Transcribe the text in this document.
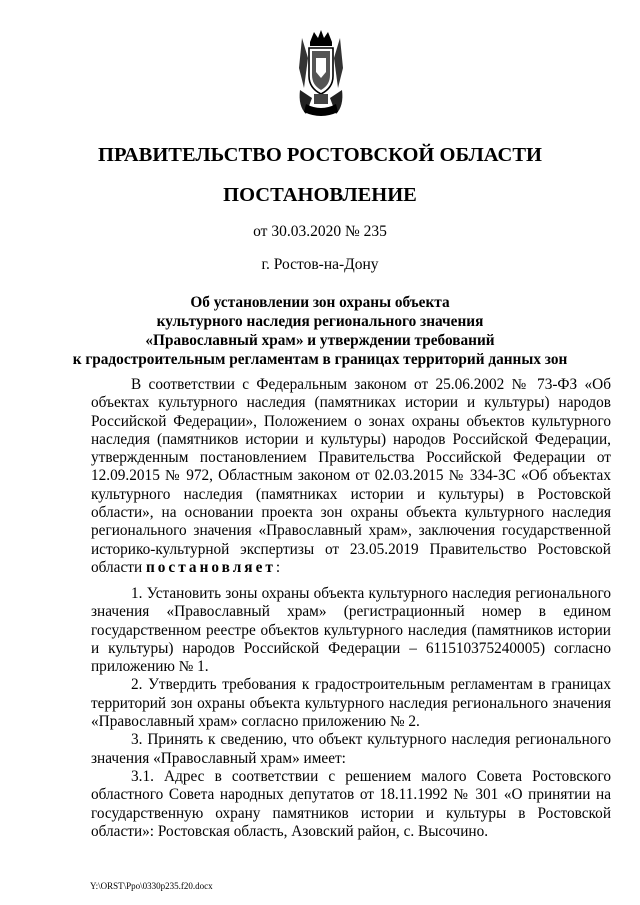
ПРАВИТЕЛЬСТВО РОСТОВСКОЙ ОБЛАСТИ
ПОСТАНОВЛЕНИЕ
от 30.03.2020 № 235
г. Ростов-на-Дону
Об установлении зон охраны объекта
культурного наследия регионального значения
«Православный храм» и утверждении требований
к градостроительным регламентам в границах территорий данных зон

В соответствии с Федеральным законом от 25.06.2002 № 73-ФЗ «Об объектах культурного наследия (памятниках истории и культуры) народов Российской Федерации», Положением о зонах охраны объектов культурного наследия (памятников истории и культуры) народов Российской Федерации, утвержденным постановлением Правительства Российской Федерации от 12.09.2015 № 972, Областным законом от 02.03.2015 № 334-ЗС «Об объектах культурного наследия (памятниках истории и культуры) в Ростовской области», на основании проекта зон охраны объекта культурного наследия регионального значения «Православный храм», заключения государственной историко-культурной экспертизы от 23.05.2019 Правительство Ростовской области постановляет:

1. Установить зоны охраны объекта культурного наследия регионального значения «Православный храм» (регистрационный номер в едином государственном реестре объектов культурного наследия (памятников истории и культуры) народов Российской Федерации – 611510375240005) согласно приложению № 1.

2. Утвердить требования к градостроительным регламентам в границах территорий зон охраны объекта культурного наследия регионального значения «Православный храм» согласно приложению № 2.

3. Принять к сведению, что объект культурного наследия регионального значения «Православный храм» имеет:

3.1. Адрес в соответствии с решением малого Совета Ростовского областного Совета народных депутатов от 18.11.1992 № 301 «О принятии на государственную охрану памятников истории и культуры в Ростовской области»: Ростовская область, Азовский район, с. Высочино.

Y:\ORST\Ppo\0330p235.f20.docx
